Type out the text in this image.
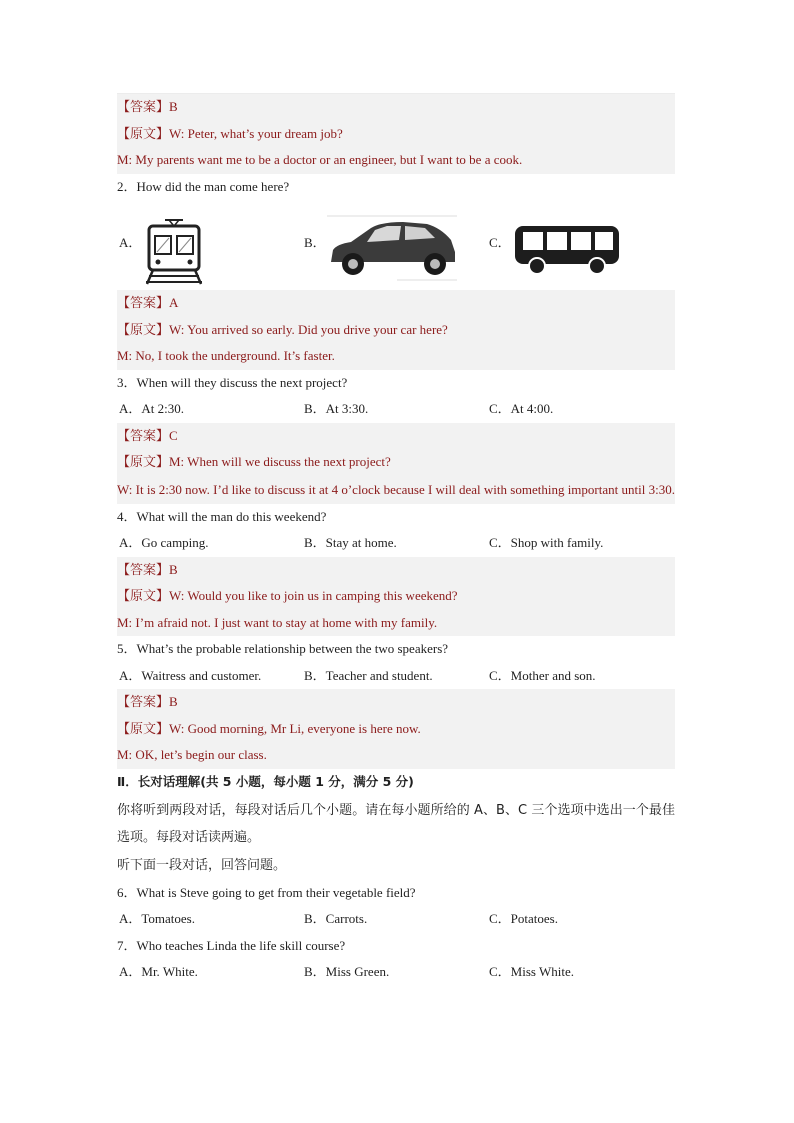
【答案】B
【原文】W: Peter, what’s your dream job?
M: My parents want me to be a doctor or an engineer, but I want to be a cook.
2．How did the man come here?
A．	B．	C．
【答案】A
【原文】W: You arrived so early. Did you drive your car here?
M: No, I took the underground. It’s faster.
3．When will they discuss the next project?
A．At 2:30.	B．At 3:30.	C．At 4:00.
【答案】C
【原文】M: When will we discuss the next project?
W: It is 2:30 now. I’d like to discuss it at 4 o’clock because I will deal with something important until 3:30.
4．What will the man do this weekend?
A．Go camping.	B．Stay at home.	C．Shop with family.
【答案】B
【原文】W: Would you like to join us in camping this weekend?
M: I’m afraid not. I just want to stay at home with my family.
5．What’s the probable relationship between the two speakers?
A．Waitress and customer.	B．Teacher and student.	C．Mother and son.
【答案】B
【原文】W: Good morning, Mr Li, everyone is here now.
M: OK, let’s begin our class.
Ⅱ．长对话理解(共 5 小题，每小题 1 分，满分 5 分)
你将听到两段对话，每段对话后几个小题。请在每小题所给的 A、B、C 三个选项中选出一个最佳选项。每段对话读两遍。
听下面一段对话，回答问题。
6．What is Steve going to get from their vegetable field?
A．Tomatoes.	B．Carrots.	C．Potatoes.
7．Who teaches Linda the life skill course?
A．Mr. White.	B．Miss Green.	C．Miss White.
